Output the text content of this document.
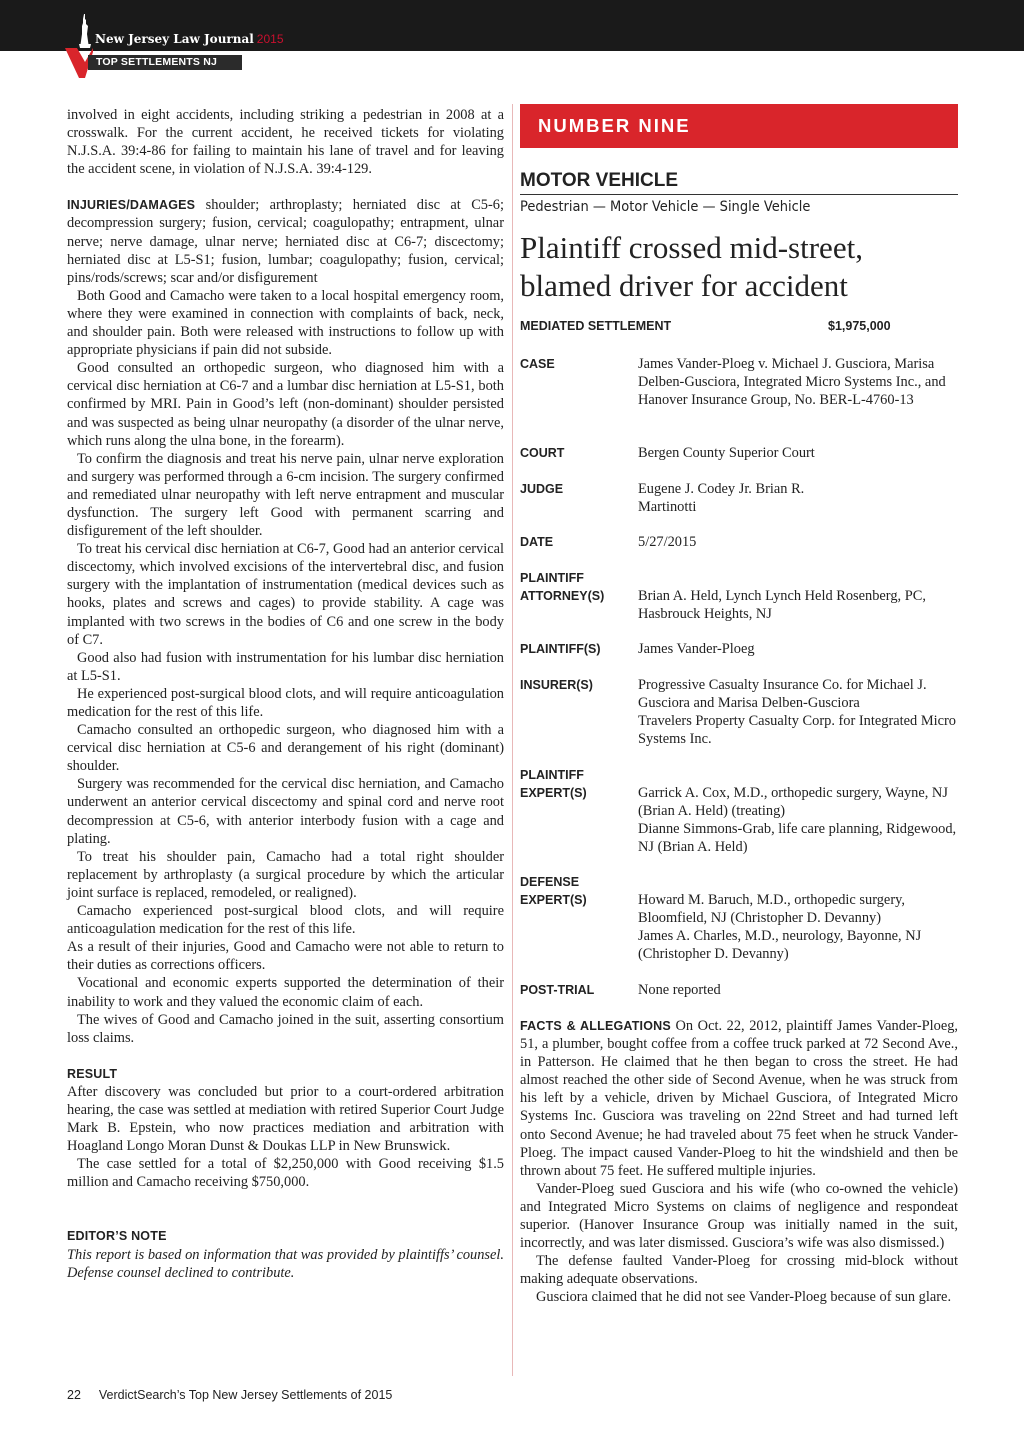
New Jersey Law Journal 2015
TOP SETTLEMENTS NJ

involved in eight accidents, including striking a pedestrian in 2008 at a crosswalk. For the current accident, he received tickets for violating N.J.S.A. 39:4-86 for failing to maintain his lane of travel and for leaving the accident scene, in violation of N.J.S.A. 39:4-129.

INJURIES/DAMAGES shoulder; arthroplasty; herniated disc at C5-6; decompression surgery; fusion, cervical; coagulopathy; entrapment, ulnar nerve; nerve damage, ulnar nerve; herniated disc at C6-7; discectomy; herniated disc at L5-S1; fusion, lumbar; coagulopathy; fusion, cervical; pins/rods/screws; scar and/or disfigurement

Both Good and Camacho were taken to a local hospital emergency room, where they were examined in connection with complaints of back, neck, and shoulder pain. Both were released with instructions to follow up with appropriate physicians if pain did not subside.

Good consulted an orthopedic surgeon, who diagnosed him with a cervical disc herniation at C6-7 and a lumbar disc herniation at L5-S1, both confirmed by MRI. Pain in Good’s left (non-dominant) shoulder persisted and was suspected as being ulnar neuropathy (a disorder of the ulnar nerve, which runs along the ulna bone, in the forearm).

To confirm the diagnosis and treat his nerve pain, ulnar nerve exploration and surgery was performed through a 6-cm incision. The surgery confirmed and remediated ulnar neuropathy with left nerve entrapment and muscular dysfunction. The surgery left Good with permanent scarring and disfigurement of the left shoulder.

To treat his cervical disc herniation at C6-7, Good had an anterior cervical discectomy, which involved excisions of the intervertebral disc, and fusion surgery with the implantation of instrumentation (medical devices such as hooks, plates and screws and cages) to provide stability. A cage was implanted with two screws in the bodies of C6 and one screw in the body of C7.

Good also had fusion with instrumentation for his lumbar disc herniation at L5-S1.

He experienced post-surgical blood clots, and will require anticoagulation medication for the rest of this life.

Camacho consulted an orthopedic surgeon, who diagnosed him with a cervical disc herniation at C5-6 and derangement of his right (dominant) shoulder.

Surgery was recommended for the cervical disc herniation, and Camacho underwent an anterior cervical discectomy and spinal cord and nerve root decompression at C5-6, with anterior interbody fusion with a cage and plating.

To treat his shoulder pain, Camacho had a total right shoulder replacement by arthroplasty (a surgical procedure by which the articular joint surface is replaced, remodeled, or realigned).

Camacho experienced post-surgical blood clots, and will require anticoagulation medication for the rest of this life.

As a result of their injuries, Good and Camacho were not able to return to their duties as corrections officers.

Vocational and economic experts supported the determination of their inability to work and they valued the economic claim of each.

The wives of Good and Camacho joined in the suit, asserting consortium loss claims.

RESULT

After discovery was concluded but prior to a court-ordered arbitration hearing, the case was settled at mediation with retired Superior Court Judge Mark B. Epstein, who now practices mediation and arbitration with Hoagland Longo Moran Dunst & Doukas LLP in New Brunswick.

The case settled for a total of $2,250,000 with Good receiving $1.5 million and Camacho receiving $750,000.

EDITOR’S NOTE

This report is based on information that was provided by plaintiffs’ counsel. Defense counsel declined to contribute.

NUMBER NINE
MOTOR VEHICLE
Pedestrian — Motor Vehicle — Single Vehicle
Plaintiff crossed mid-street, blamed driver for accident
MEDIATED SETTLEMENT	$1,975,000
CASE	James Vander-Ploeg v. Michael J. Gusciora, Marisa Delben-Gusciora, Integrated Micro Systems Inc., and Hanover Insurance Group, No. BER-L-4760-13
COURT	Bergen County Superior Court
JUDGE	Eugene J. Codey Jr. Brian R. Martinotti
DATE	5/27/2015
PLAINTIFF
ATTORNEY(S)	Brian A. Held, Lynch Lynch Held Rosenberg, PC, Hasbrouck Heights, NJ
PLAINTIFF(S)	James Vander-Ploeg
INSURER(S)	Progressive Casualty Insurance Co. for Michael J. Gusciora and Marisa Delben-Gusciora
Travelers Property Casualty Corp. for Integrated Micro Systems Inc.
PLAINTIFF
EXPERT(S)	Garrick A. Cox, M.D., orthopedic surgery, Wayne, NJ (Brian A. Held) (treating)
Dianne Simmons-Grab, life care planning, Ridgewood, NJ (Brian A. Held)
DEFENSE
EXPERT(S)	Howard M. Baruch, M.D., orthopedic surgery, Bloomfield, NJ (Christopher D. Devanny)
James A. Charles, M.D., neurology, Bayonne, NJ (Christopher D. Devanny)
POST-TRIAL	None reported

FACTS & ALLEGATIONS On Oct. 22, 2012, plaintiff James Vander-Ploeg, 51, a plumber, bought coffee from a coffee truck parked at 72 Second Ave., in Patterson. He claimed that he then began to cross the street. He had almost reached the other side of Second Avenue, when he was struck from his left by a vehicle, driven by Michael Gusciora, of Integrated Micro Systems Inc. Gusciora was traveling on 22nd Street and had turned left onto Second Avenue; he had traveled about 75 feet when he struck Vander-Ploeg. The impact caused Vander-Ploeg to hit the windshield and then be thrown about 75 feet. He suffered multiple injuries.

Vander-Ploeg sued Gusciora and his wife (who co-owned the vehicle) and Integrated Micro Systems on claims of negligence and respondeat superior. (Hanover Insurance Group was initially named in the suit, incorrectly, and was later dismissed. Gusciora’s wife was also dismissed.)

The defense faulted Vander-Ploeg for crossing mid-block without making adequate observations.

Gusciora claimed that he did not see Vander-Ploeg because of sun glare.

22 VerdictSearch’s Top New Jersey Settlements of 2015
